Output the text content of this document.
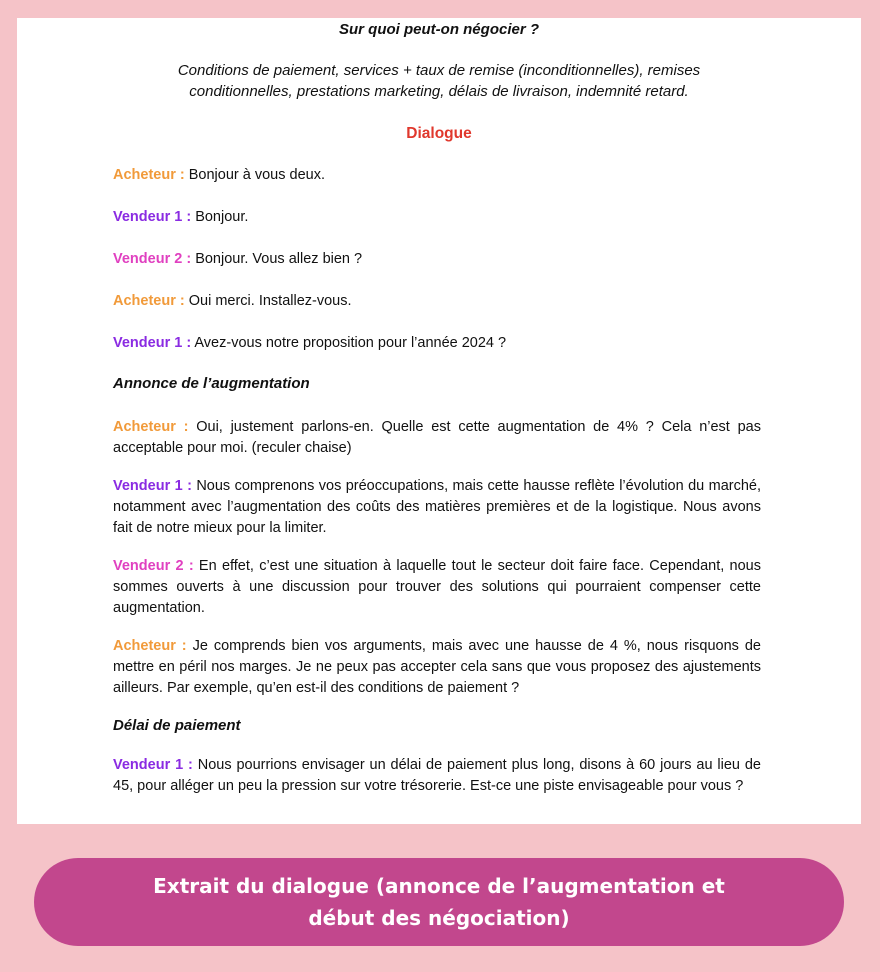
Sur quoi peut-on négocier ?
Conditions de paiement, services + taux de remise (inconditionnelles), remises conditionnelles, prestations marketing, délais de livraison, indemnité retard.
Dialogue
Acheteur : Bonjour à vous deux.
Vendeur 1 : Bonjour.
Vendeur 2 : Bonjour. Vous allez bien ?
Acheteur : Oui merci. Installez-vous.
Vendeur 1 : Avez-vous notre proposition pour l’année 2024 ?
Annonce de l’augmentation
Acheteur : Oui, justement parlons-en. Quelle est cette augmentation de 4% ? Cela n’est pas acceptable pour moi. (reculer chaise)
Vendeur 1 : Nous comprenons vos préoccupations, mais cette hausse reflète l’évolution du marché, notamment avec l’augmentation des coûts des matières premières et de la logistique. Nous avons fait de notre mieux pour la limiter.
Vendeur 2 : En effet, c’est une situation à laquelle tout le secteur doit faire face. Cependant, nous sommes ouverts à une discussion pour trouver des solutions qui pourraient compenser cette augmentation.
Acheteur : Je comprends bien vos arguments, mais avec une hausse de 4 %, nous risquons de mettre en péril nos marges. Je ne peux pas accepter cela sans que vous proposez des ajustements ailleurs. Par exemple, qu’en est-il des conditions de paiement ?
Délai de paiement
Vendeur 1 : Nous pourrions envisager un délai de paiement plus long, disons à 60 jours au lieu de 45, pour alléger un peu la pression sur votre trésorerie. Est-ce une piste envisageable pour vous ?
Extrait du dialogue (annonce de l’augmentation et début des négociation)
